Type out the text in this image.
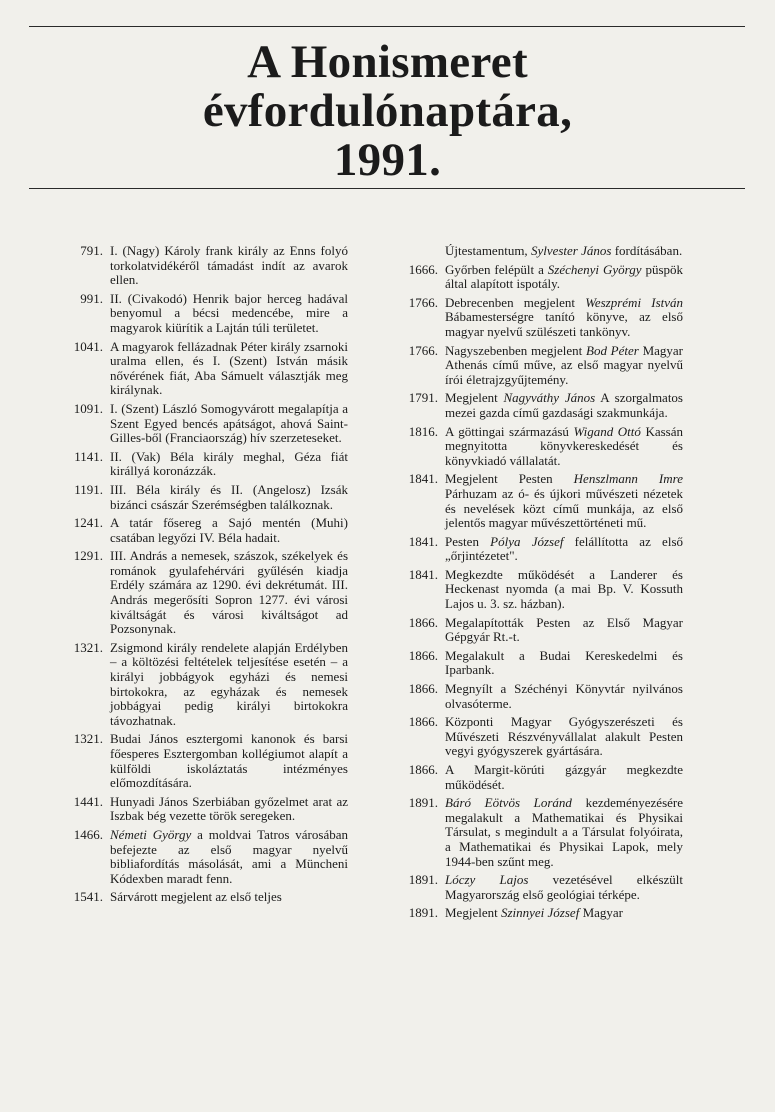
A Honismeret
évfordulónaptára,
1991.
791. I. (Nagy) Károly frank király az Enns folyó torkolatvidékéről támadást indít az avarok ellen.
991. II. (Civakodó) Henrik bajor herceg hadával benyomul a bécsi medencébe, mire a magyarok kiürítik a Lajtán túli területet.
1041. A magyarok fellázadnak Péter király zsarnoki uralma ellen, és I. (Szent) István másik nővérének fiát, Aba Sámuelt választják meg királynak.
1091. I. (Szent) László Somogyvárott megalapítja a Szent Egyed bencés apátságot, ahová Saint-Gilles-ből (Franciaország) hív szerzeteseket.
1141. II. (Vak) Béla király meghal, Géza fiát királlyá koronázzák.
1191. III. Béla király és II. (Angelosz) Izsák bizánci császár Szerémségben találkoznak.
1241. A tatár fősereg a Sajó mentén (Muhi) csatában legyőzi IV. Béla hadait.
1291. III. András a nemesek, szászok, székelyek és románok gyulafehérvári gyűlésén kiadja Erdély számára az 1290. évi dekrétumát. III. András megerősíti Sopron 1277. évi városi kiváltságát és városi kiváltságot ad Pozsonynak.
1321. Zsigmond király rendelete alapján Erdélyben – a költözési feltételek teljesítése esetén – a királyi jobbágyok egyházi és nemesi birtokokra, az egyházak és nemesek jobbágyai pedig királyi birtokokra távozhatnak.
1321. Budai János esztergomi kanonok és barsi főesperes Esztergomban kollégiumot alapít a külföldi iskoláztatás intézményes előmozdítására.
1441. Hunyadi János Szerbiában győzelmet arat az Iszbak bég vezette török seregeken.
1466. Németi György a moldvai Tatros városában befejezte az első magyar nyelvű bibliafordítás másolását, ami a Müncheni Kódexben maradt fenn.
1541. Sárvárott megjelent az első teljes
Újtestamentum, Sylvester János fordításában.
1666. Győrben felépült a Széchenyi György püspök által alapított ispotály.
1766. Debrecenben megjelent Weszprémi István Bábamesterségre tanító könyve, az első magyar nyelvű szülészeti tankönyv.
1766. Nagyszebenben megjelent Bod Péter Magyar Athenás című műve, az első magyar nyelvű írói életrajzgyűjtemény.
1791. Megjelent Nagyváthy János A szorgalmatos mezei gazda című gazdasági szakmunkája.
1816. A göttingai származású Wigand Ottó Kassán megnyitotta könyvkereskedését és könyvkiadó vállalatát.
1841. Megjelent Pesten Henszlmann Imre Párhuzam az ó- és újkori művészeti nézetek és nevelések közt című munkája, az első jelentős magyar művészettörténeti mű.
1841. Pesten Pólya József felállította az első „őrjintézetet".
1841. Megkezdte működését a Landerer és Heckenast nyomda (a mai Bp. V. Kossuth Lajos u. 3. sz. házban).
1866. Megalapították Pesten az Első Magyar Gépgyár Rt.-t.
1866. Megalakult a Budai Kereskedelmi és Iparbank.
1866. Megnyílt a Széchényi Könyvtár nyilvános olvasóterme.
1866. Központi Magyar Gyógyszerészeti és Művészeti Részvényvállalat alakult Pesten vegyi gyógyszerek gyártására.
1866. A Margit-körúti gázgyár megkezdte működését.
1891. Báró Eötvös Loránd kezdeményezésére megalakult a Mathematikai és Physikai Társulat, s megindult a a Társulat folyóirata, a Mathematikai és Physikai Lapok, mely 1944-ben szűnt meg.
1891. Lóczy Lajos vezetésével elkészült Magyarország első geológiai térképe.
1891. Megjelent Szinnyei József Magyar
